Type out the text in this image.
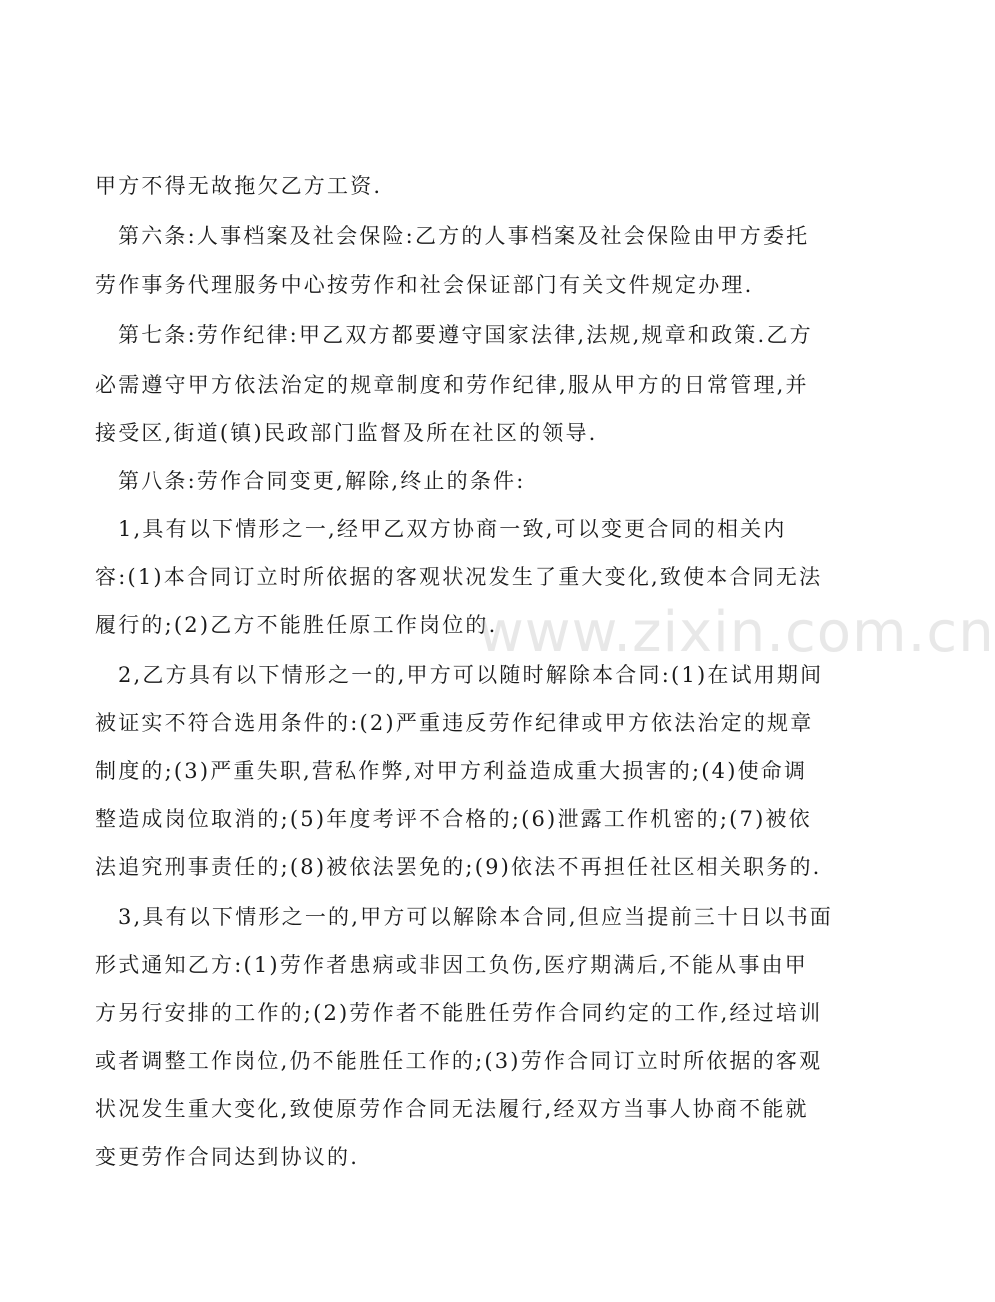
甲方不得无故拖欠乙方工资.
第六条:人事档案及社会保险:乙方的人事档案及社会保险由甲方委托
劳作事务代理服务中心按劳作和社会保证部门有关文件规定办理.
第七条:劳作纪律:甲乙双方都要遵守国家法律,法规,规章和政策.乙方
必需遵守甲方依法治定的规章制度和劳作纪律,服从甲方的日常管理,并
接受区,街道(镇)民政部门监督及所在社区的领导.
第八条:劳作合同变更,解除,终止的条件:
1,具有以下情形之一,经甲乙双方协商一致,可以变更合同的相关内
容:(1)本合同订立时所依据的客观状况发生了重大变化,致使本合同无法
履行的;(2)乙方不能胜任原工作岗位的.
2,乙方具有以下情形之一的,甲方可以随时解除本合同:(1)在试用期间
被证实不符合选用条件的:(2)严重违反劳作纪律或甲方依法治定的规章
制度的;(3)严重失职,营私作弊,对甲方利益造成重大损害的;(4)使命调
整造成岗位取消的;(5)年度考评不合格的;(6)泄露工作机密的;(7)被依
法追究刑事责任的;(8)被依法罢免的;(9)依法不再担任社区相关职务的.
3,具有以下情形之一的,甲方可以解除本合同,但应当提前三十日以书面
形式通知乙方:(1)劳作者患病或非因工负伤,医疗期满后,不能从事由甲
方另行安排的工作的;(2)劳作者不能胜任劳作合同约定的工作,经过培训
或者调整工作岗位,仍不能胜任工作的;(3)劳作合同订立时所依据的客观
状况发生重大变化,致使原劳作合同无法履行,经双方当事人协商不能就
变更劳作合同达到协议的.
www.zixin.com.cn
